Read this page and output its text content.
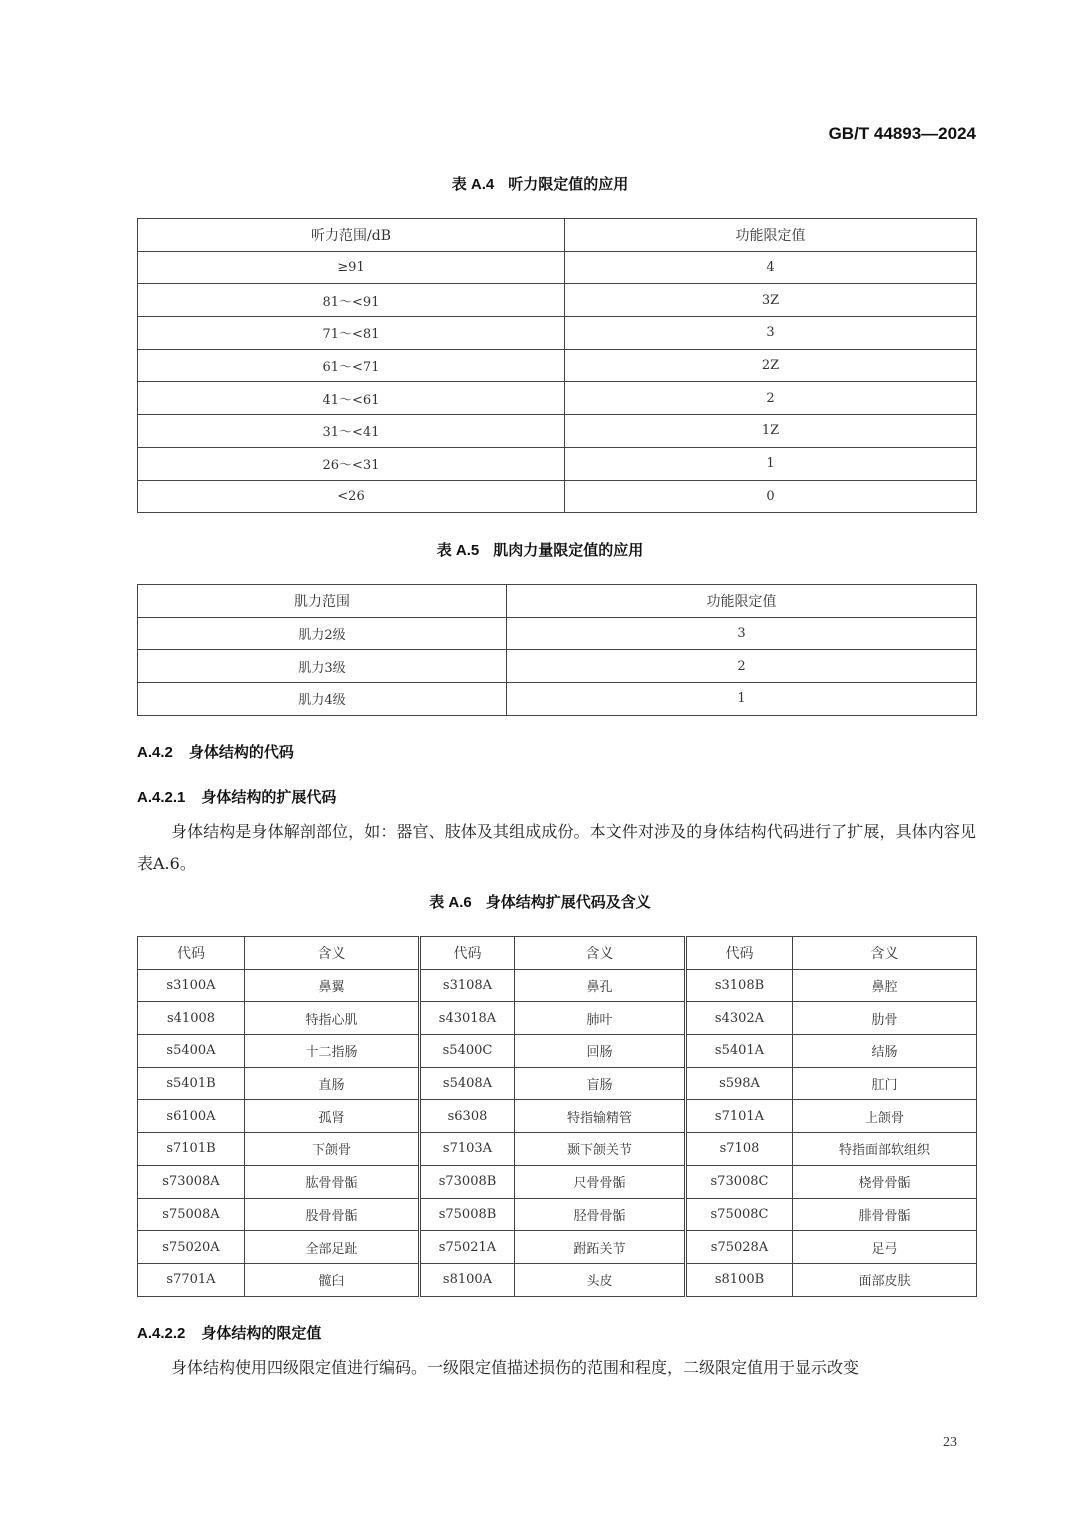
GB/T 44893—2024
表 A.4 听力限定值的应用
听力范围/dB	功能限定值
≥91	4
81～<91	3Z
71～<81	3
61～<71	2Z
41～<61	2
31～<41	1Z
26～<31	1
<26	0
表 A.5 肌肉力量限定值的应用
肌力范围	功能限定值
肌力2级	3
肌力3级	2
肌力4级	1
A.4.2 身体结构的代码
A.4.2.1 身体结构的扩展代码
身体结构是身体解剖部位，如：器官、肢体及其组成成份。本文件对涉及的身体结构代码进行了扩展，具体内容见表A.6。
表 A.6 身体结构扩展代码及含义
代码	含义	代码	含义	代码	含义
s3100A	鼻翼	s3108A	鼻孔	s3108B	鼻腔
s41008	特指心肌	s43018A	肺叶	s4302A	肋骨
s5400A	十二指肠	s5400C	回肠	s5401A	结肠
s5401B	直肠	s5408A	盲肠	s598A	肛门
s6100A	孤肾	s6308	特指输精管	s7101A	上颌骨
s7101B	下颌骨	s7103A	颞下颌关节	s7108	特指面部软组织
s73008A	肱骨骨骺	s73008B	尺骨骨骺	s73008C	桡骨骨骺
s75008A	股骨骨骺	s75008B	胫骨骨骺	s75008C	腓骨骨骺
s75020A	全部足趾	s75021A	跗跖关节	s75028A	足弓
s7701A	髋臼	s8100A	头皮	s8100B	面部皮肤
A.4.2.2 身体结构的限定值
身体结构使用四级限定值进行编码。一级限定值描述损伤的范围和程度，二级限定值用于显示改变
23
